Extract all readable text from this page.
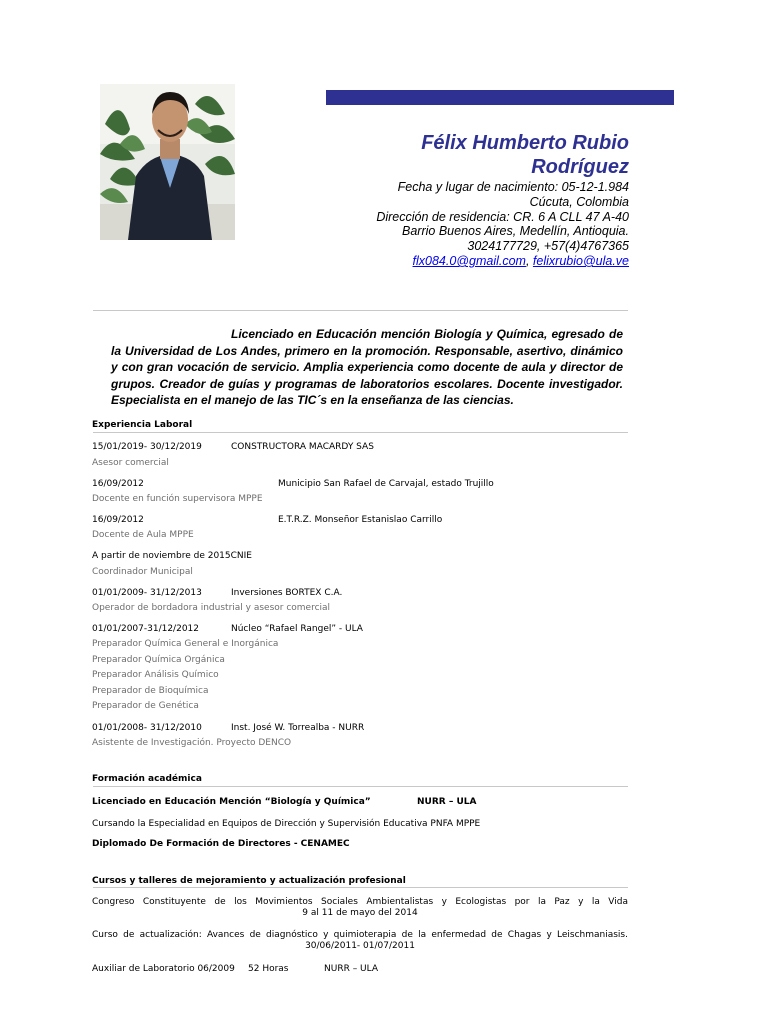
Félix Humberto Rubio
Rodríguez
Fecha y lugar de nacimiento: 05-12-1.984
Cúcuta, Colombia
Dirección de residencia: CR. 6 A CLL 47 A-40
Barrio Buenos Aires, Medellín, Antioquia.
3024177729, +57(4)4767365
flx084.0@gmail.com, felixrubio@ula.ve
Licenciado en Educación mención Biología y Química, egresado de la Universidad de Los Andes, primero en la promoción. Responsable, asertivo, dinámico y con gran vocación de servicio. Amplia experiencia como docente de aula y director de grupos. Creador de guías y programas de laboratorios escolares. Docente investigador. Especialista en el manejo de las TIC´s en la enseñanza de las ciencias.
Experiencia Laboral
15/01/2019- 30/12/2019	CONSTRUCTORA MACARDY SAS
Asesor comercial
16/09/2012	Municipio San Rafael de Carvajal, estado Trujillo
Docente en función supervisora MPPE
16/09/2012	E.T.R.Z. Monseñor Estanislao Carrillo
Docente de Aula MPPE
A partir de noviembre de 2015CNIE
Coordinador Municipal
01/01/2009- 31/12/2013	Inversiones BORTEX C.A.
Operador de bordadora industrial y asesor comercial
01/01/2007-31/12/2012	Núcleo “Rafael Rangel” - ULA
Preparador Química General e Inorgánica
Preparador Química Orgánica
Preparador Análisis Químico
Preparador de Bioquímica
Preparador de Genética
01/01/2008- 31/12/2010	Inst. José W. Torrealba - NURR
Asistente de Investigación. Proyecto DENCO
Formación académica
Licenciado en Educación Mención “Biología y Química”	NURR – ULA
Cursando la Especialidad en Equipos de Dirección y Supervisión Educativa PNFA MPPE
Diplomado De Formación de Directores - CENAMEC
Cursos y talleres de mejoramiento y actualización profesional
Congreso Constituyente de los Movimientos Sociales Ambientalistas y Ecologistas por la Paz y la Vida
9 al 11 de mayo del 2014
Curso de actualización: Avances de diagnóstico y quimioterapia de la enfermedad de Chagas y Leischmaniasis.
30/06/2011- 01/07/2011
Auxiliar de Laboratorio 06/2009 52 Horas	NURR – ULA
